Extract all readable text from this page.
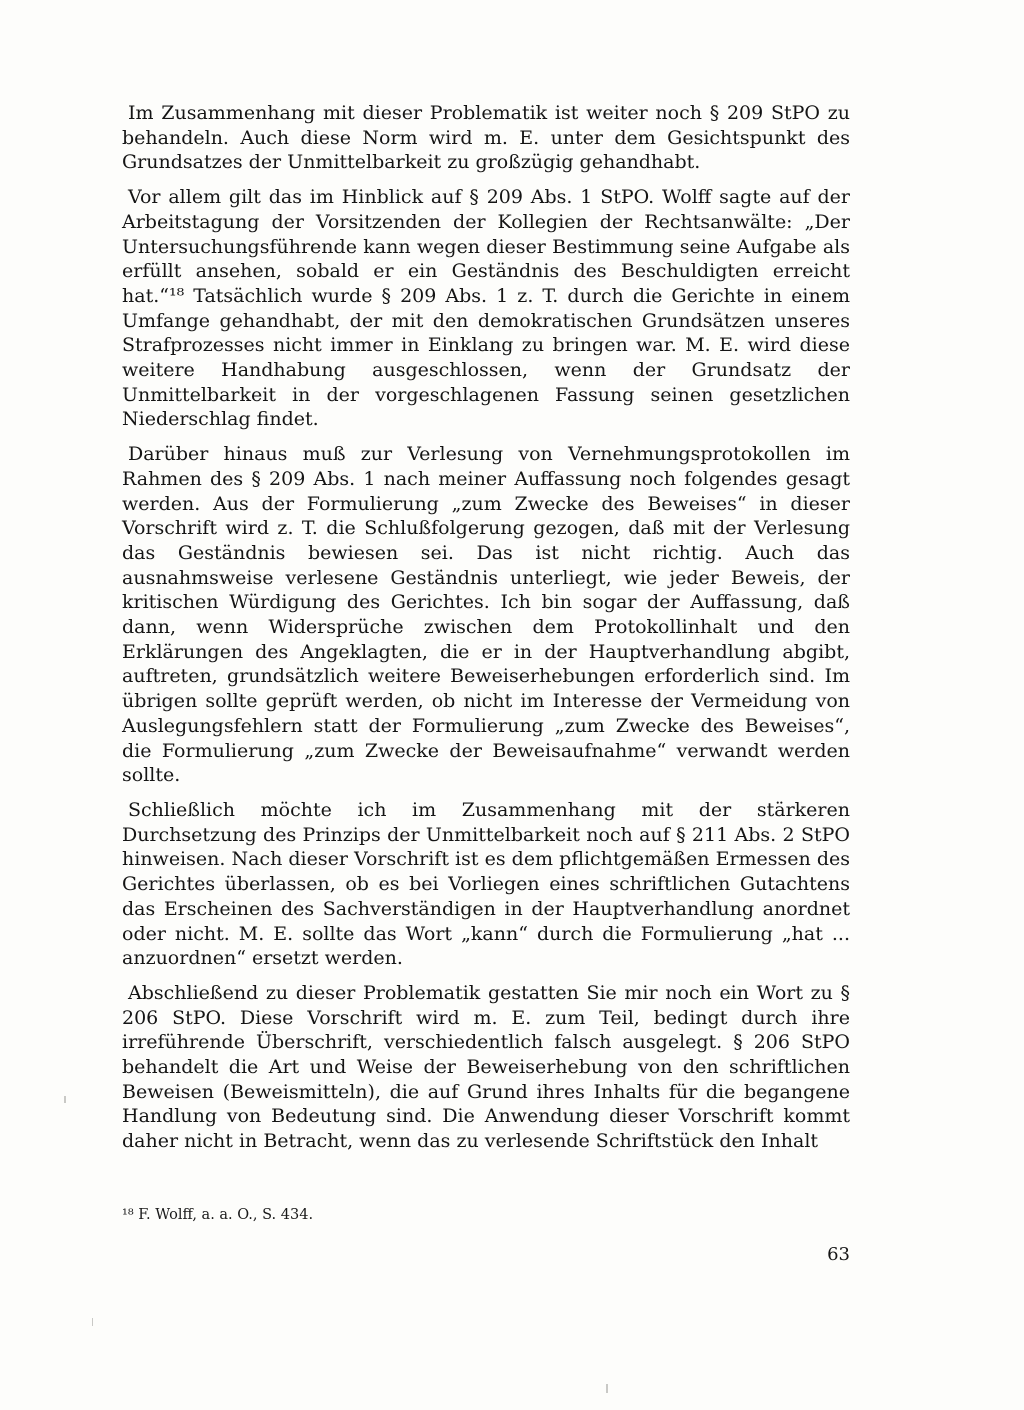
Im Zusammenhang mit dieser Problematik ist weiter noch § 209 StPO zu behandeln. Auch diese Norm wird m. E. unter dem Gesichtspunkt des Grundsatzes der Unmittelbarkeit zu großzügig gehandhabt.

Vor allem gilt das im Hinblick auf § 209 Abs. 1 StPO. Wolff sagte auf der Arbeitstagung der Vorsitzenden der Kollegien der Rechtsanwälte: „Der Untersuchungsführende kann wegen dieser Bestimmung seine Aufgabe als erfüllt ansehen, sobald er ein Geständnis des Beschuldigten erreicht hat.“¹⁸ Tatsächlich wurde § 209 Abs. 1 z. T. durch die Gerichte in einem Umfange gehandhabt, der mit den demokratischen Grundsätzen unseres Strafprozesses nicht immer in Einklang zu bringen war. M. E. wird diese weitere Handhabung ausgeschlossen, wenn der Grundsatz der Unmittelbarkeit in der vorgeschlagenen Fassung seinen gesetzlichen Niederschlag findet.

Darüber hinaus muß zur Verlesung von Vernehmungsprotokollen im Rahmen des § 209 Abs. 1 nach meiner Auffassung noch folgendes gesagt werden. Aus der Formulierung „zum Zwecke des Beweises“ in dieser Vorschrift wird z. T. die Schlußfolgerung gezogen, daß mit der Verlesung das Geständnis bewiesen sei. Das ist nicht richtig. Auch das ausnahmsweise verlesene Geständnis unterliegt, wie jeder Beweis, der kritischen Würdigung des Gerichtes. Ich bin sogar der Auffassung, daß dann, wenn Widersprüche zwischen dem Protokollinhalt und den Erklärungen des Angeklagten, die er in der Hauptverhandlung abgibt, auftreten, grundsätzlich weitere Beweiserhebungen erforderlich sind. Im übrigen sollte geprüft werden, ob nicht im Interesse der Vermeidung von Auslegungsfehlern statt der Formulierung „zum Zwecke des Beweises“, die Formulierung „zum Zwecke der Beweisaufnahme“ verwandt werden sollte.

Schließlich möchte ich im Zusammenhang mit der stärkeren Durchsetzung des Prinzips der Unmittelbarkeit noch auf § 211 Abs. 2 StPO hinweisen. Nach dieser Vorschrift ist es dem pflichtgemäßen Ermessen des Gerichtes überlassen, ob es bei Vorliegen eines schriftlichen Gutachtens das Erscheinen des Sachverständigen in der Hauptverhandlung anordnet oder nicht. M. E. sollte das Wort „kann“ durch die Formulierung „hat ... anzuordnen“ ersetzt werden.

Abschließend zu dieser Problematik gestatten Sie mir noch ein Wort zu § 206 StPO. Diese Vorschrift wird m. E. zum Teil, bedingt durch ihre irreführende Überschrift, verschiedentlich falsch ausgelegt. § 206 StPO behandelt die Art und Weise der Beweiserhebung von den schriftlichen Beweisen (Beweismitteln), die auf Grund ihres Inhalts für die begangene Handlung von Bedeutung sind. Die Anwendung dieser Vorschrift kommt daher nicht in Betracht, wenn das zu verlesende Schriftstück den Inhalt

¹⁸ F. Wolff, a. a. O., S. 434.
63
